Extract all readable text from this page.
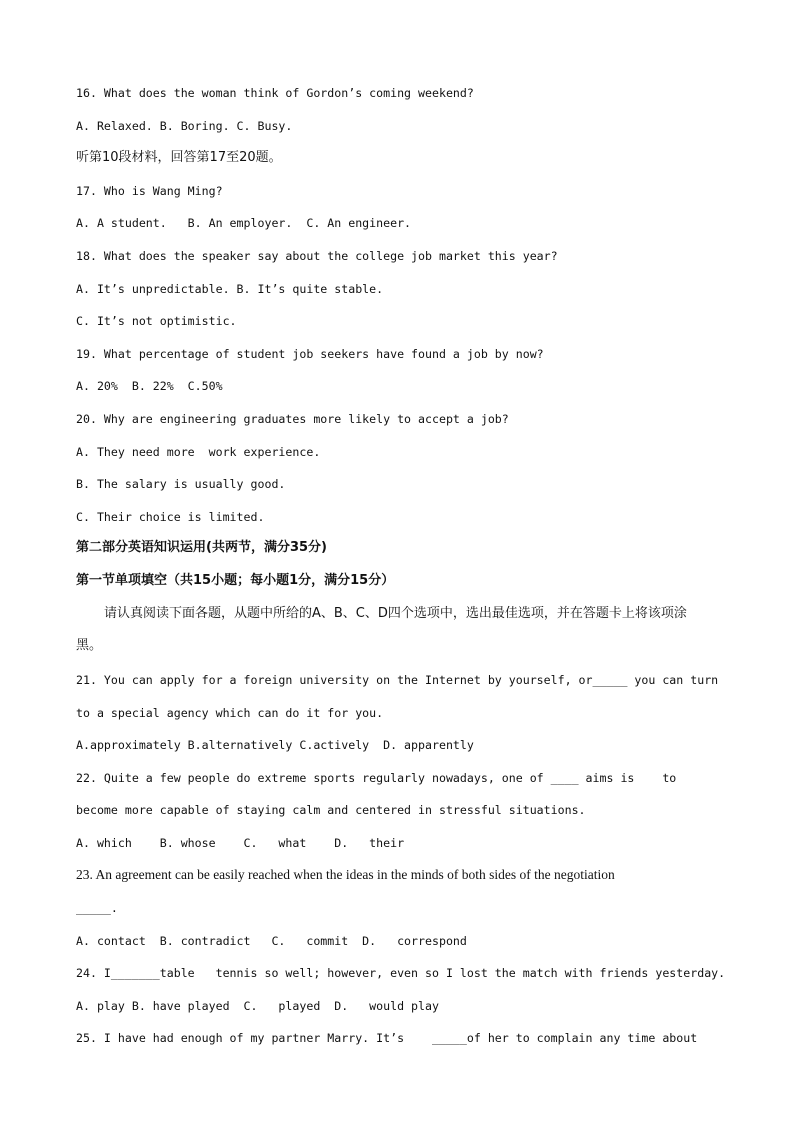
16. What does the woman think of Gordon’s coming weekend?
A. Relaxed. B. Boring. C. Busy.
听第10段材料，回答第17至20题。
17. Who is Wang Ming?
A. A student.   B. An employer.  C. An engineer.
18. What does the speaker say about the college job market this year?
A. It’s unpredictable. B. It’s quite stable.
C. It’s not optimistic.
19. What percentage of student job seekers have found a job by now?
A. 20%  B. 22%  C.50%
20. Why are engineering graduates more likely to accept a job?
A. They need more  work experience.
B. The salary is usually good.
C. Their choice is limited.
第二部分英语知识运用(共两节，满分35分)
第一节单项填空（共15小题；每小题1分，满分15分）
请认真阅读下面各题，从题中所给的A、B、C、D四个选项中，选出最佳选项，并在答题卡上将该项涂
黑。
21. You can apply for a foreign university on the Internet by yourself, or_____ you can turn
to a special agency which can do it for you.
A.approximately B.alternatively C.actively  D. apparently
22. Quite a few people do extreme sports regularly nowadays, one of ____ aims is    to
become more capable of staying calm and centered in stressful situations.
A. which    B. whose    C.   what    D.   their
23. An agreement can be easily reached when the ideas in the minds of both sides of the negotiation
_____.
A. contact  B. contradict   C.   commit  D.   correspond
24. I_______table   tennis so well; however, even so I lost the match with friends yesterday.
A. play B. have played  C.   played  D.   would play
25. I have had enough of my partner Marry. It’s    _____of her to complain any time about
